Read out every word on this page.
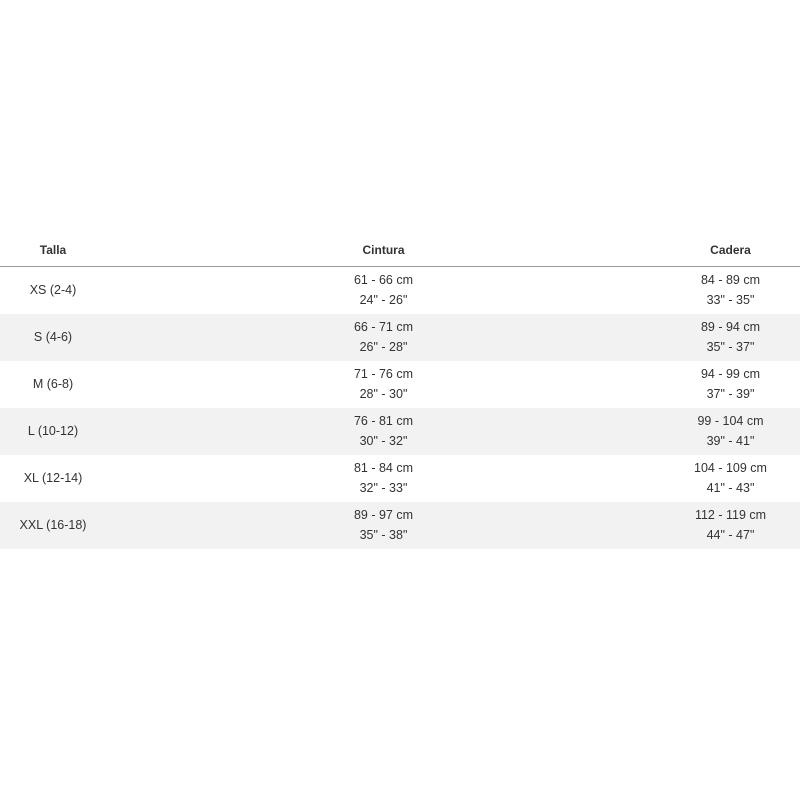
Talla	Cintura	Cadera
XS (2-4)
61 - 66 cm
24" - 26"
84 - 89 cm
33" - 35"
S (4-6)
66 - 71 cm
26" - 28"
89 - 94 cm
35" - 37"
M (6-8)
71 - 76 cm
28" - 30"
94 - 99 cm
37" - 39"
L (10-12)
76 - 81 cm
30" - 32"
99 - 104 cm
39" - 41"
XL (12-14)
81 - 84 cm
32" - 33"
104 - 109 cm
41" - 43"
XXL (16-18)
89 - 97 cm
35" - 38"
112 - 119 cm
44" - 47"
